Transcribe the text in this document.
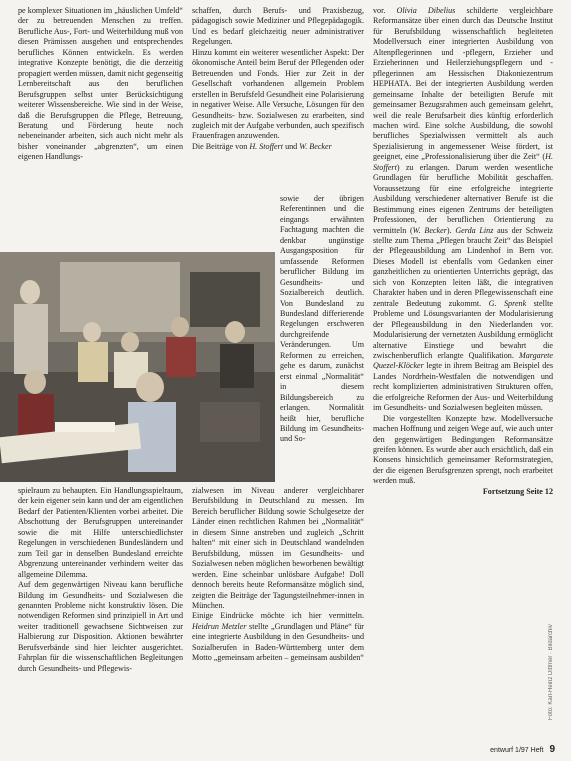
pe komplexer Situationen im „häuslichen Umfeld“ der zu betreuenden Menschen zu treffen. Berufliche Aus-, Fort- und Weiterbildung muß von diesen Prämissen ausgehen und entsprechendes berufliches Können entwickeln. Es werden integrative Konzepte benötigt, die die derzeitig propagiert werden müssen, damit nicht gegenseitig Lernbereitschaft aus den beruflichen Berufsgruppen selbst unter Berücksichtigung weiterer Wissensbereiche. Wie sind in der Weise, daß die Berufsgruppen die Pflege, Betreuung, Beratung und Förderung heute noch nebeneinander arbeiten, sich auch nicht mehr als bisher voneinander „abgrenzten“, um einen eigenen Handlungs-

schaffen, durch Berufs- und Praxisbezug, pädagogisch sowie Mediziner und Pflegepädagogik. Und es bedarf gleichzeitig neuer administrativer Regelungen.

Hinzu kommt ein weiterer wesentlicher Aspekt: Der ökonomische Anteil beim Beruf der Pflegenden oder Betreuenden und Fonds. Hier zur Zeit in der Gesellschaft vorhandenen allgemein Problem erstellen in Berufsfeld Gesundheit eine Polarisierung in negativer Weise. Alle Versuche, Lösungen für den Gesundheits- bzw. Sozialwesen zu erarbeiten, sind zugleich mit der Aufgabe verbunden, auch spezifisch Frauenfragen anzuwenden.

Die Beiträge von H. Stoffert und W. Becker

sowie der übrigen Referentinnen und die eingangs erwähnten Fachtagung machten die denkbar ungünstige Ausgangsposition für umfassende Reformen beruflicher Bildung im Gesundheits- und Sozialbereich deutlich. Von Bundesland zu Bundesland differierende Regelungen erschweren durchgreifende Veränderungen. Um Reformen zu erreichen, gehe es darum, zunächst erst einmal „Normalität“ in diesem Bildungsbereich zu erlangen. Normalität heißt hier, berufliche Bildung im Gesundheits- und So-

spielraum zu behaupten. Ein Handlungsspielraum, der kein eigener sein kann und der am eigentlichen Bedarf der Patienten/Klienten vorbei arbeitet. Die Abschottung der Berufsgruppen untereinander sowie die mit Hilfe unterschiedlichster Regelungen in verschiedenen Bundesländern und zum Teil gar in denselben Bundesland erreichte Abgrenzung untereinander verhindern weiter das allgemeine Dilemma.

Auf dem gegenwärtigen Niveau kann berufliche Bildung im Gesundheits- und Sozialwesen die genannten Probleme nicht konstruktiv lösen. Die notwendigen Reformen sind prinzipiell in Art und weiter traditionell gewachsene Sichtweisen zur Halbierung zur Disposition. Aktionen bewährter Berufsverbände sind hier leichter ausgerichtet. Fahrplan für die wissenschaftlichen Begleitungen durch Gesundheits- und Pflegewis-

zialwesen im Niveau anderer vergleichbarer Berufsbildung in Deutschland zu messen. Im Bereich beruflicher Bildung sowie Schulgesetze der Länder einen rechtlichen Rahmen bei „Normalität“ in diesem Sinne anstreben und zugleich „Schritt halten“ mit einer sich in Deutschland wandelnden Berufsbildung, müssen im Gesundheits- und Sozialwesen neben möglichen beworbenen bewältigt werden. Eine scheinbar unlösbare Aufgabe! Doll dennoch bereits heute Reformansätze möglich sind, zeigten die Beiträge der Tagungsteilnehmer-innen in München.

Einige Eindrücke möchte ich hier vermitteln. Heidrun Metzler stellte „Grundlagen und Pläne“ für eine integrierte Ausbildung in den Gesundheits- und Sozialberufen in Baden-Württemberg unter dem Motto „gemeinsam arbeiten – gemeinsam ausbilden“

vor. Olivia Dibelius schilderte vergleichbare Reformansätze über einen durch das Deutsche Institut für Berufsbildung wissenschaftlich begleiteten Modellversuch einer integrierten Ausbildung von Altenpflegerinnen und -pflegern, Erzieher und Erzieherinnen und Heilerziehungspflegern und -pflegerinnen am Hessischen Diakoniezentrum HEPHATA. Bei der integrierten Ausbildung werden gemeinsame Inhalte der beteiligten Berufe mit gemeinsamer Bezugsrahmen auch gemeinsam gelehrt, weil die reale Berufsarbeit dies künftig erforderlich machen wird. Eine solche Ausbildung, die sowohl berufliches Spezialwissen vermittelt als auch Spezialisierung in angemessener Weise fördert, ist geeignet, eine „Professionalisierung über die Zeit“ (H. Stoffert) zu erlangen. Darum werden wesentliche Grundlagen für berufliche Mobilität geschaffen. Voraussetzung für eine erfolgreiche integrierte Ausbildung verschiedener alternativer Berufe ist die Bestimmung eines eigenen Zentrums der beteiligten Professionen, der beruflichen Orientierung zu vermitteln (W. Becker). Gerda Linz aus der Schweiz stellte zum Thema „Pflegen braucht Zeit“ das Beispiel der Pflegeausbildung am Lindenhof in Bern vor. Dieses Modell ist ebenfalls vom Gedanken einer ganzheitlichen zu orientierten Unterrichts geprägt, das sich von Konzepten leiten läßt, die integrativen Charakter haben und in deren Pflegewissenschaft eine zentrale Bedeutung zukommt. G. Sprenk stellte Probleme und Lösungsvarianten der Modularisierung der Pflegeausbildung in den Niederlanden vor. Modularisierung der vernetzten Ausbildung ermöglicht alternative Einstiege und bewahrt die zwischenberuflich erlangte Qualifikation. Margarete Quezel-Klöcker legte in ihrem Beitrag am Beispiel des Landes Nordrhein-Westfalen die notwendigen und recht komplizierten administrativen Strukturen offen, die erfolgreiche Reformen der Aus- und Weiterbildung im Gesundheits- und Sozialwesen begleiten müssen.

Die vorgestellten Konzepte bzw. Modellversuche machen Hoffnung und zeigen Wege auf, wie auch unter den gegenwärtigen Bedingungen Reformansätze greifen können. Es wurde aber auch ersichtlich, daß ein Konsens hinsichtlich gemeinsamer Reformstrategien, der die eigenen Berufsgrenzen sprengt, noch erarbeitet werden muß.

Fortsetzung Seite 12

Foto: Karl-Heinz Dittmer · Bildarchiv
entwurf 1/97 Heft 9
